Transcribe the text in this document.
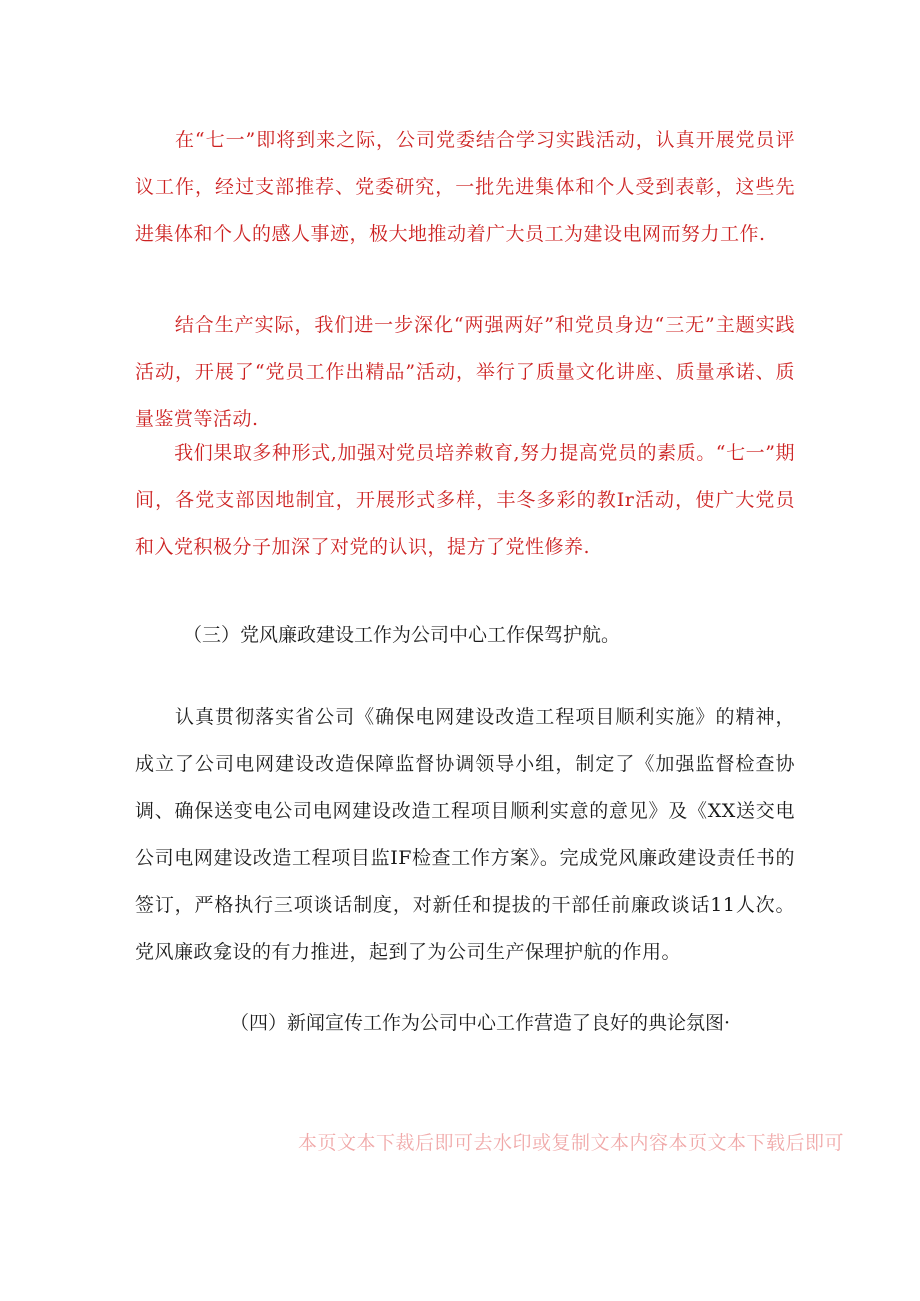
　　在“七一”即将到来之际，公司党委结合学习实践活动，认真开展党员评议工作，经过支部推荐、党委研究，一批先进集体和个人受到表彰，这些先进集体和个人的感人事迹，极大地推动着广大员工为建设电网而努力工作.

　　结合生产实际，我们进一步深化“两强两好”和党员身边“三无”主题实践活动，开展了“党员工作出精品”活动，举行了质量文化讲座、质量承诺、质量鉴赏等活动.

　　我们果取多种形式,加强对党员培养敕育,努力提高党员的素质。“七一”期间，各党支部因地制宜，开展形式多样，丰冬多彩的教Ir活动，使广大党员和入党积极分子加深了对党的认识，提方了党性修养.

（三）党风廉政建设工作为公司中心工作保驾护航。

　　认真贯彻落实省公司《确保电网建设改造工程项目顺利实施》的精神，成立了公司电网建设改造保障监督协调领导小组，制定了《加强监督检查协调、确保送变电公司电网建设改造工程项目顺利实意的意见》及《XX送交电公司电网建设改造工程项目监IF检查工作方案》。完成党风廉政建设责任书的签订，严格执行三项谈话制度，对新任和提拔的干部任前廉政谈话11人次。党风廉政龛设的有力推进，起到了为公司生产保理护航的作用。

（四）新闻宣传工作为公司中心工作营造了良好的典论氛图·

本页文本下裁后即可去水印或复制文本内容本页文本下载后即可
